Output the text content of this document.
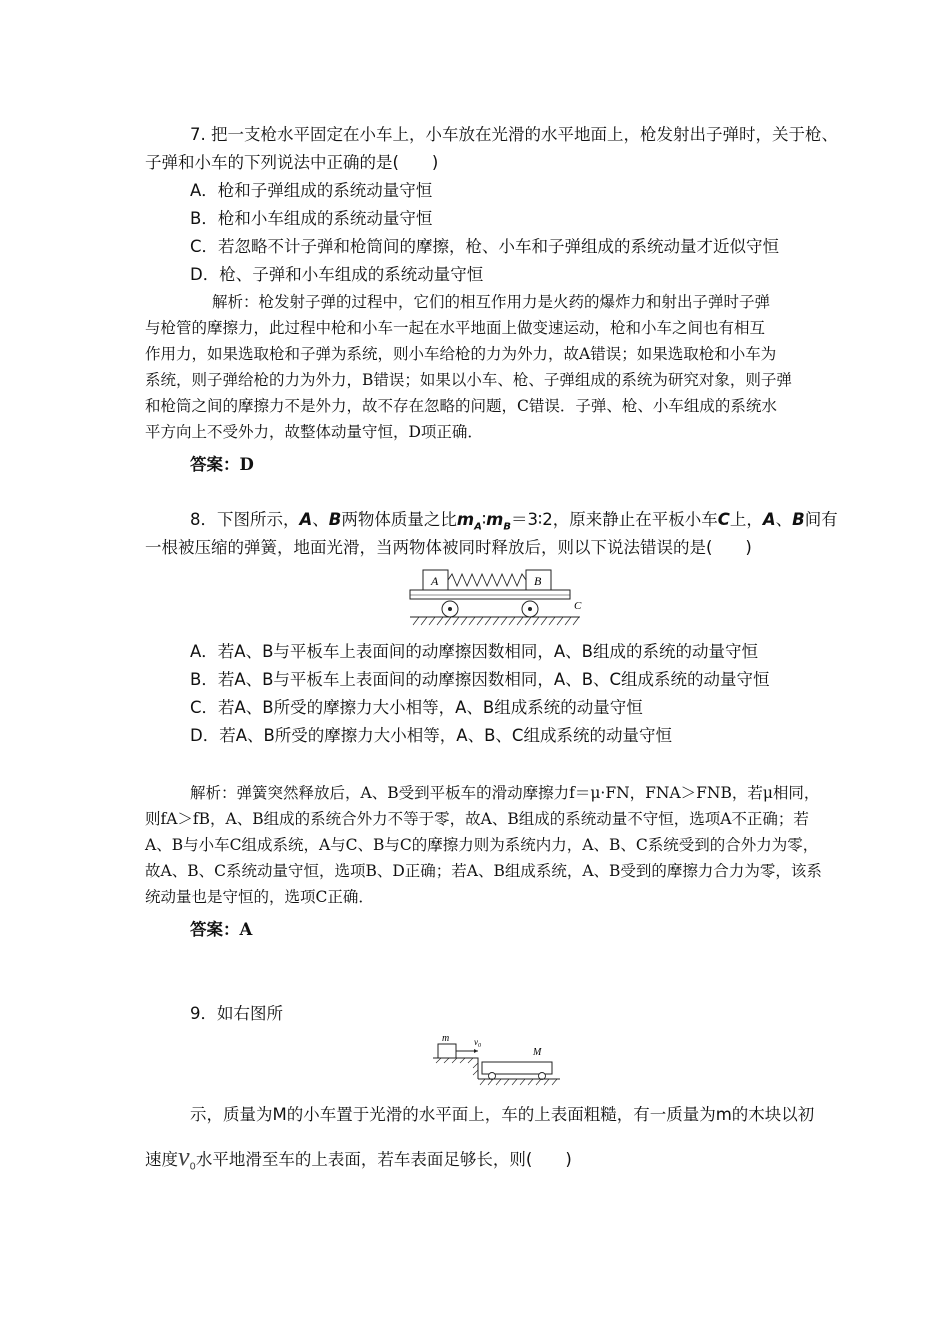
7. 把一支枪水平固定在小车上，小车放在光滑的水平地面上，枪发射出子弹时，关于枪、
子弹和小车的下列说法中正确的是(　　)
A．枪和子弹组成的系统动量守恒
B．枪和小车组成的系统动量守恒
C．若忽略不计子弹和枪筒间的摩擦，枪、小车和子弹组成的系统动量才近似守恒
D．枪、子弹和小车组成的系统动量守恒
解析：枪发射子弹的过程中，它们的相互作用力是火药的爆炸力和射出子弹时子弹
与枪管的摩擦力，此过程中枪和小车一起在水平地面上做变速运动，枪和小车之间也有相互
作用力，如果选取枪和子弹为系统，则小车给枪的力为外力，故A错误；如果选取枪和小车为
系统，则子弹给枪的力为外力，B错误；如果以小车、枪、子弹组成的系统为研究对象，则子弹
和枪筒之间的摩擦力不是外力，故不存在忽略的问题，C错误．子弹、枪、小车组成的系统水
平方向上不受外力，故整体动量守恒，D项正确．
答案：D
8．下图所示，A、B两物体质量之比$m_A∶m_B=3∶2$，原来静止在平板小车C上，A、B间有
一根被压缩的弹簧，地面光滑，当两物体被同时释放后，则以下说法错误的是(　　)
A	B
C
A．若A、B与平板车上表面间的动摩擦因数相同，A、B组成的系统的动量守恒
B．若A、B与平板车上表面间的动摩擦因数相同，A、B、C组成系统的动量守恒
C．若A、B所受的摩擦力大小相等，A、B组成系统的动量守恒
D．若A、B所受的摩擦力大小相等，A、B、C组成系统的动量守恒
解析：弹簧突然释放后，A、B受到平板车的滑动摩擦力f＝μ·FN，FNA＞FNB，若μ相同，
则fA＞fB，A、B组成的系统合外力不等于零，故A、B组成的系统动量不守恒，选项A不正确；若
A、B与小车C组成系统，A与C、B与C的摩擦力则为系统内力，A、B、C系统受到的合外力为零，
故A、B、C系统动量守恒，选项B、D正确；若A、B组成系统，A、B受到的摩擦力合力为零，该系
统动量也是守恒的，选项C正确．
答案：A
9．如右图所
m	$v_0$
M
示，质量为M的小车置于光滑的水平面上，车的上表面粗糙，有一质量为m的木块以初
速度$v_0$水平地滑至车的上表面，若车表面足够长，则(　　)
